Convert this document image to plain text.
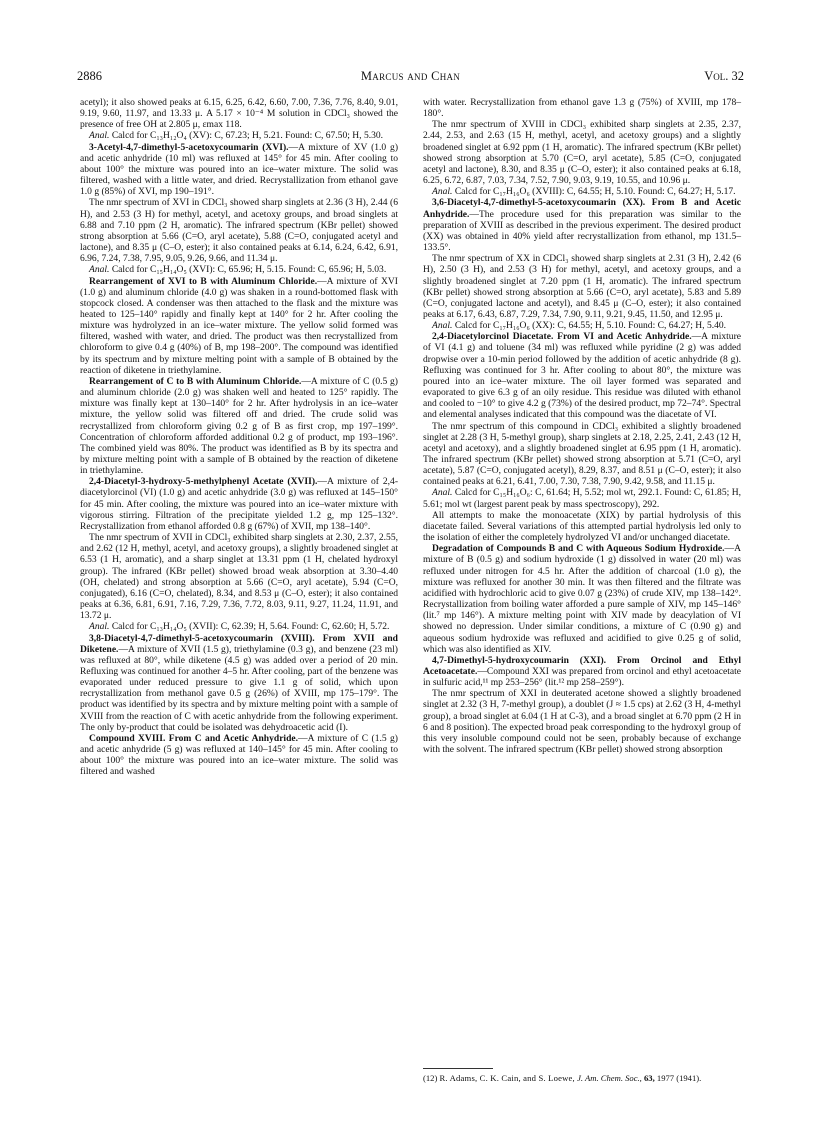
2886	Marcus and Chan	Vol. 32

acetyl); it also showed peaks at 6.15, 6.25, 6.42, 6.60, 7.00, 7.36, 7.76, 8.40, 9.01, 9.19, 9.60, 11.97, and 13.33 μ. A 5.17 × 10⁻⁴ M solution in CDCl₃ showed the presence of free OH at 2.805 μ, εmax 118.

Anal. Calcd for C₁₃H₁₂O₄ (XV): C, 67.23; H, 5.21. Found: C, 67.50; H, 5.30.

3-Acetyl-4,7-dimethyl-5-acetoxycoumarin (XVI).—A mixture of XV (1.0 g) and acetic anhydride (10 ml) was refluxed at 145° for 45 min. After cooling to about 100° the mixture was poured into an ice–water mixture. The solid was filtered, washed with a little water, and dried. Recrystallization from ethanol gave 1.0 g (85%) of XVI, mp 190–191°.

The nmr spectrum of XVI in CDCl₃ showed sharp singlets at 2.36 (3 H), 2.44 (6 H), and 2.53 (3 H) for methyl, acetyl, and acetoxy groups, and broad singlets at 6.88 and 7.10 ppm (2 H, aromatic). The infrared spectrum (KBr pellet) showed strong absorption at 5.66 (C=O, aryl acetate), 5.88 (C=O, conjugated acetyl and lactone), and 8.35 μ (C–O, ester); it also contained peaks at 6.14, 6.24, 6.42, 6.91, 6.96, 7.24, 7.38, 7.95, 9.05, 9.26, 9.66, and 11.34 μ.

Anal. Calcd for C₁₅H₁₄O₅ (XVI): C, 65.96; H, 5.15. Found: C, 65.96; H, 5.03.

Rearrangement of XVI to B with Aluminum Chloride.—A mixture of XVI (1.0 g) and aluminum chloride (4.0 g) was shaken in a round-bottomed flask with stopcock closed. A condenser was then attached to the flask and the mixture was heated to 125–140° rapidly and finally kept at 140° for 2 hr. After cooling the mixture was hydrolyzed in an ice–water mixture. The yellow solid formed was filtered, washed with water, and dried. The product was then recrystallized from chloroform to give 0.4 g (40%) of B, mp 198–200°. The compound was identified by its spectrum and by mixture melting point with a sample of B obtained by the reaction of diketene in triethylamine.

Rearrangement of C to B with Aluminum Chloride.—A mixture of C (0.5 g) and aluminum chloride (2.0 g) was shaken well and heated to 125° rapidly. The mixture was finally kept at 130–140° for 2 hr. After hydrolysis in an ice–water mixture, the yellow solid was filtered off and dried. The crude solid was recrystallized from chloroform giving 0.2 g of B as first crop, mp 197–199°. Concentration of chloroform afforded additional 0.2 g of product, mp 193–196°. The combined yield was 80%. The product was identified as B by its spectra and by mixture melting point with a sample of B obtained by the reaction of diketene in triethylamine.

2,4-Diacetyl-3-hydroxy-5-methylphenyl Acetate (XVII).—A mixture of 2,4-diacetylorcinol (VI) (1.0 g) and acetic anhydride (3.0 g) was refluxed at 145–150° for 45 min. After cooling, the mixture was poured into an ice–water mixture with vigorous stirring. Filtration of the precipitate yielded 1.2 g, mp 125–132°. Recrystallization from ethanol afforded 0.8 g (67%) of XVII, mp 138–140°.

The nmr spectrum of XVII in CDCl₃ exhibited sharp singlets at 2.30, 2.37, 2.55, and 2.62 (12 H, methyl, acetyl, and acetoxy groups), a slightly broadened singlet at 6.53 (1 H, aromatic), and a sharp singlet at 13.31 ppm (1 H, chelated hydroxyl group). The infrared (KBr pellet) showed broad weak absorption at 3.30–4.40 (OH, chelated) and strong absorption at 5.66 (C=O, aryl acetate), 5.94 (C=O, conjugated), 6.16 (C=O, chelated), 8.34, and 8.53 μ (C–O, ester); it also contained peaks at 6.36, 6.81, 6.91, 7.16, 7.29, 7.36, 7.72, 8.03, 9.11, 9.27, 11.24, 11.91, and 13.72 μ.

Anal. Calcd for C₁₃H₁₄O₅ (XVII): C, 62.39; H, 5.64. Found: C, 62.60; H, 5.72.

3,8-Diacetyl-4,7-dimethyl-5-acetoxycoumarin (XVIII). From XVII and Diketene.—A mixture of XVII (1.5 g), triethylamine (0.3 g), and benzene (23 ml) was refluxed at 80°, while diketene (4.5 g) was added over a period of 20 min. Refluxing was continued for another 4–5 hr. After cooling, part of the benzene was evaporated under reduced pressure to give 1.1 g of solid, which upon recrystallization from methanol gave 0.5 g (26%) of XVIII, mp 175–179°. The product was identified by its spectra and by mixture melting point with a sample of XVIII from the reaction of C with acetic anhydride from the following experiment. The only by-product that could be isolated was dehydroacetic acid (I).

Compound XVIII. From C and Acetic Anhydride.—A mixture of C (1.5 g) and acetic anhydride (5 g) was refluxed at 140–145° for 45 min. After cooling to about 100° the mixture was poured into an ice–water mixture. The solid was filtered and washed

with water. Recrystallization from ethanol gave 1.3 g (75%) of XVIII, mp 178–180°.

The nmr spectrum of XVIII in CDCl₃ exhibited sharp singlets at 2.35, 2.37, 2.44, 2.53, and 2.63 (15 H, methyl, acetyl, and acetoxy groups) and a slightly broadened singlet at 6.92 ppm (1 H, aromatic). The infrared spectrum (KBr pellet) showed strong absorption at 5.70 (C=O, aryl acetate), 5.85 (C=O, conjugated acetyl and lactone), 8.30, and 8.35 μ (C–O, ester); it also contained peaks at 6.18, 6.25, 6.72, 6.87, 7.03, 7.34, 7.52, 7.90, 9.03, 9.19, 10.55, and 10.96 μ.

Anal. Calcd for C₁₇H₁₆O₆ (XVIII): C, 64.55; H, 5.10. Found: C, 64.27; H, 5.17.

3,6-Diacetyl-4,7-dimethyl-5-acetoxycoumarin (XX). From B and Acetic Anhydride.—The procedure used for this preparation was similar to the preparation of XVIII as described in the previous experiment. The desired product (XX) was obtained in 40% yield after recrystallization from ethanol, mp 131.5–133.5°.

The nmr spectrum of XX in CDCl₃ showed sharp singlets at 2.31 (3 H), 2.42 (6 H), 2.50 (3 H), and 2.53 (3 H) for methyl, acetyl, and acetoxy groups, and a slightly broadened singlet at 7.20 ppm (1 H, aromatic). The infrared spectrum (KBr pellet) showed strong absorption at 5.66 (C=O, aryl acetate), 5.83 and 5.89 (C=O, conjugated lactone and acetyl), and 8.45 μ (C–O, ester); it also contained peaks at 6.17, 6.43, 6.87, 7.29, 7.34, 7.90, 9.11, 9.21, 9.45, 11.50, and 12.95 μ.

Anal. Calcd for C₁₇H₁₆O₆ (XX): C, 64.55; H, 5.10. Found: C, 64.27; H, 5.40.

2,4-Diacetylorcinol Diacetate. From VI and Acetic Anhydride.—A mixture of VI (4.1 g) and toluene (34 ml) was refluxed while pyridine (2 g) was added dropwise over a 10-min period followed by the addition of acetic anhydride (8 g). Refluxing was continued for 3 hr. After cooling to about 80°, the mixture was poured into an ice–water mixture. The oil layer formed was separated and evaporated to give 6.3 g of an oily residue. This residue was diluted with ethanol and cooled to −10° to give 4.2 g (73%) of the desired product, mp 72–74°. Spectral and elemental analyses indicated that this compound was the diacetate of VI.

The nmr spectrum of this compound in CDCl₃ exhibited a slightly broadened singlet at 2.28 (3 H, 5-methyl group), sharp singlets at 2.18, 2.25, 2.41, 2.43 (12 H, acetyl and acetoxy), and a slightly broadened singlet at 6.95 ppm (1 H, aromatic). The infrared spectrum (KBr pellet) showed strong absorption at 5.71 (C=O, aryl acetate), 5.87 (C=O, conjugated acetyl), 8.29, 8.37, and 8.51 μ (C–O, ester); it also contained peaks at 6.21, 6.41, 7.00, 7.30, 7.38, 7.90, 9.42, 9.58, and 11.15 μ.

Anal. Calcd for C₁₅H₁₆O₆: C, 61.64; H, 5.52; mol wt, 292.1. Found: C, 61.85; H, 5.61; mol wt (largest parent peak by mass spectroscopy), 292.

All attempts to make the monoacetate (XIX) by partial hydrolysis of this diacetate failed. Several variations of this attempted partial hydrolysis led only to the isolation of either the completely hydrolyzed VI and/or unchanged diacetate.

Degradation of Compounds B and C with Aqueous Sodium Hydroxide.—A mixture of B (0.5 g) and sodium hydroxide (1 g) dissolved in water (20 ml) was refluxed under nitrogen for 4.5 hr. After the addition of charcoal (1.0 g), the mixture was refluxed for another 30 min. It was then filtered and the filtrate was acidified with hydrochloric acid to give 0.07 g (23%) of crude XIV, mp 138–142°. Recrystallization from boiling water afforded a pure sample of XIV, mp 145–146° (lit.⁷ mp 146°). A mixture melting point with XIV made by deacylation of VI showed no depression. Under similar conditions, a mixture of C (0.90 g) and aqueous sodium hydroxide was refluxed and acidified to give 0.25 g of solid, which was also identified as XIV.

4,7-Dimethyl-5-hydroxycoumarin (XXI). From Orcinol and Ethyl Acetoacetate.—Compound XXI was prepared from orcinol and ethyl acetoacetate in sulfuric acid,¹¹ mp 253–256° (lit.¹² mp 258–259°).

The nmr spectrum of XXI in deuterated acetone showed a slightly broadened singlet at 2.32 (3 H, 7-methyl group), a doublet (J ≈ 1.5 cps) at 2.62 (3 H, 4-methyl group), a broad singlet at 6.04 (1 H at C-3), and a broad singlet at 6.70 ppm (2 H in 6 and 8 position). The expected broad peak corresponding to the hydroxyl group of this very insoluble compound could not be seen, probably because of exchange with the solvent. The infrared spectrum (KBr pellet) showed strong absorption

(12) R. Adams, C. K. Cain, and S. Loewe, J. Am. Chem. Soc., 63, 1977 (1941).
